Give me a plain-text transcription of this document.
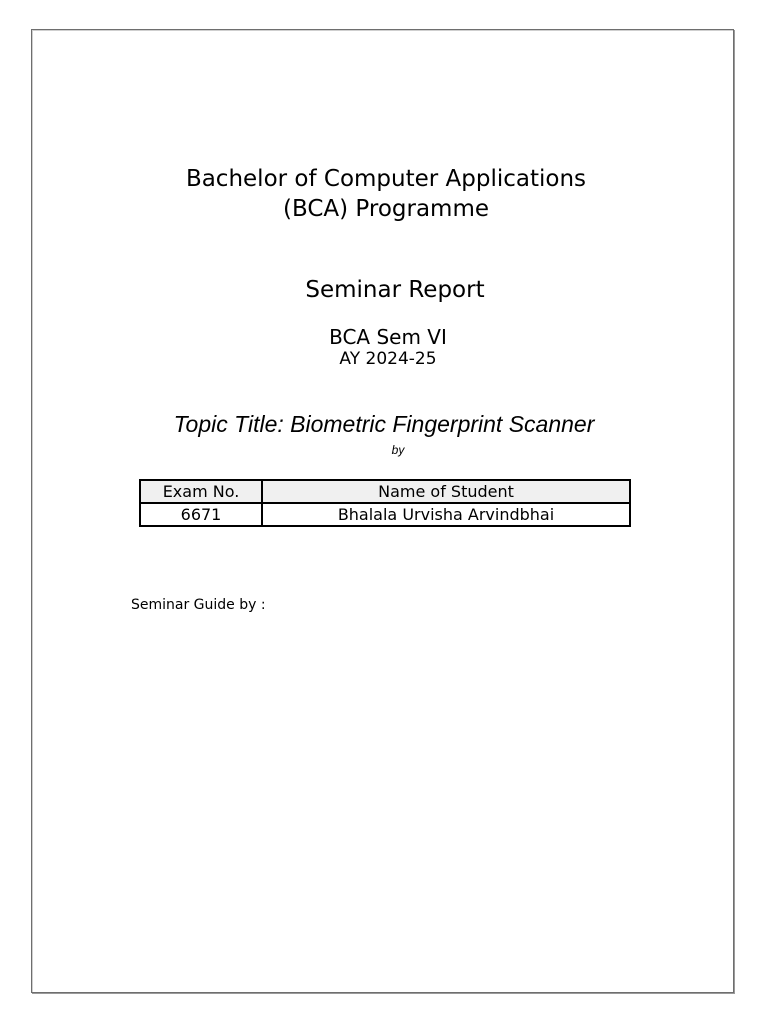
Bachelor of Computer Applications
(BCA) Programme
Seminar Report
BCA Sem VI
AY 2024-25
Topic Title: Biometric Fingerprint Scanner
by
Exam No.	Name of Student
6671	Bhalala Urvisha Arvindbhai
Seminar Guide by :
